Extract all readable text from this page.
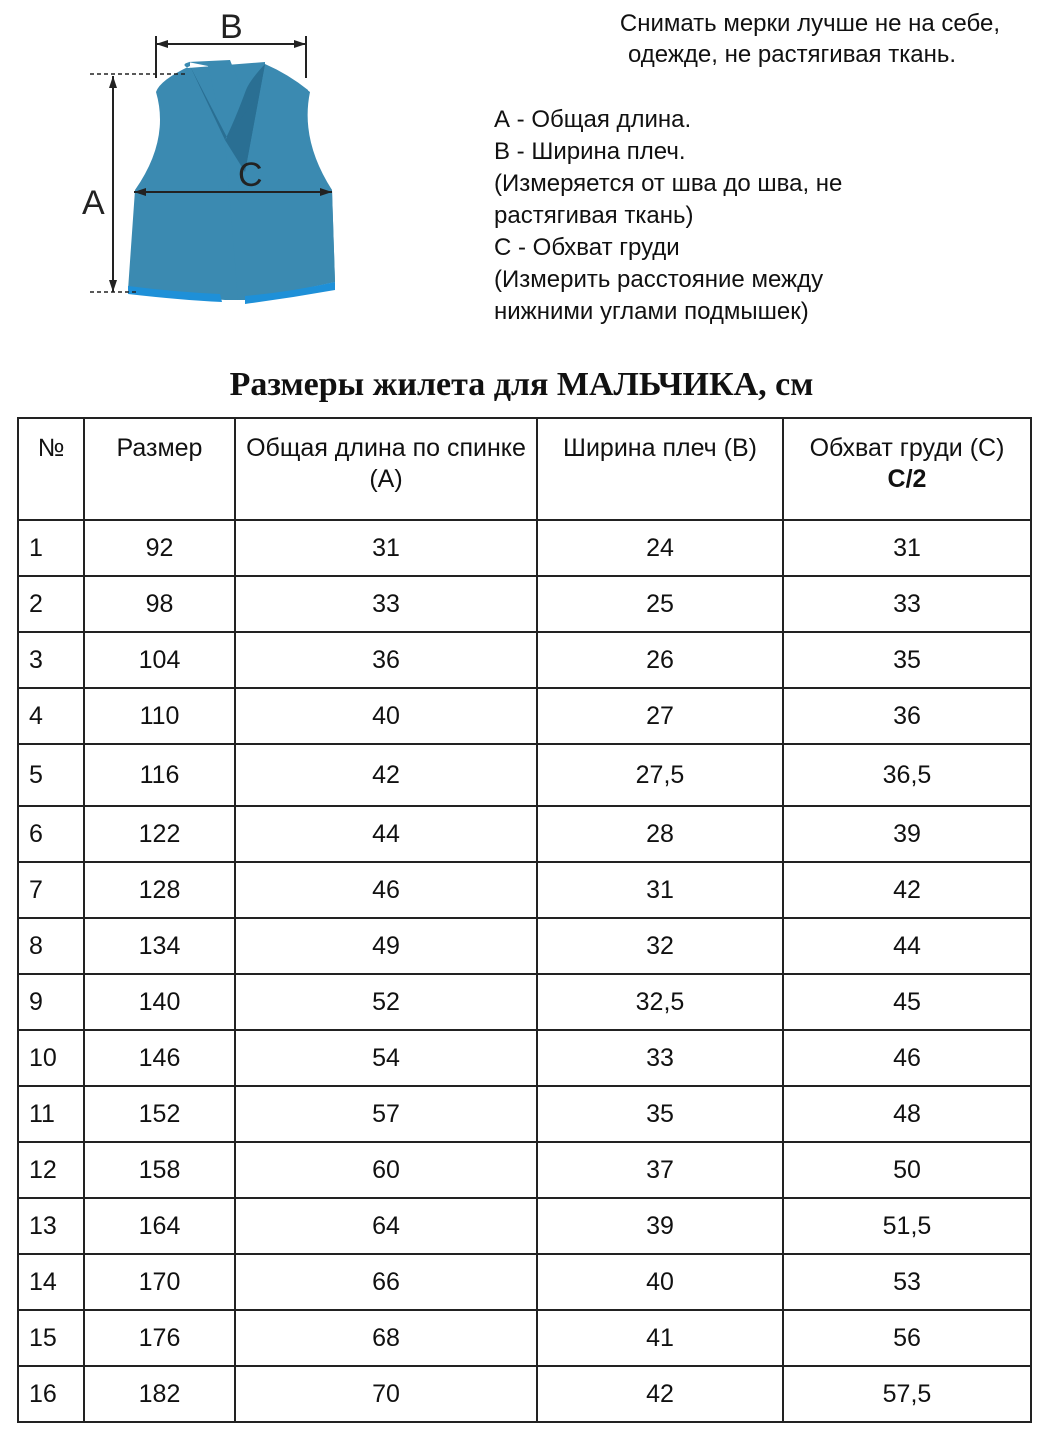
B
A
C
Снимать мерки лучше не на себе,
одежде, не растягивая ткань.
А - Общая длина.
В - Ширина плеч.
(Измеряется от шва до шва, не
растягивая ткань)
С - Обхват груди
(Измерить расстояние между
нижними углами подмышек)
Размеры жилета для МАЛЬЧИКА, см
№	Размер	Общая длина по спинке (А)	Ширина плеч (В)	Обхват груди (С)
С/2

1	92	31	24	31
2	98	33	25	33
3	104	36	26	35
4	110	40	27	36
5	116	42	27,5	36,5
6	122	44	28	39
7	128	46	31	42
8	134	49	32	44
9	140	52	32,5	45
10	146	54	33	46
11	152	57	35	48
12	158	60	37	50
13	164	64	39	51,5
14	170	66	40	53
15	176	68	41	56
16	182	70	42	57,5
